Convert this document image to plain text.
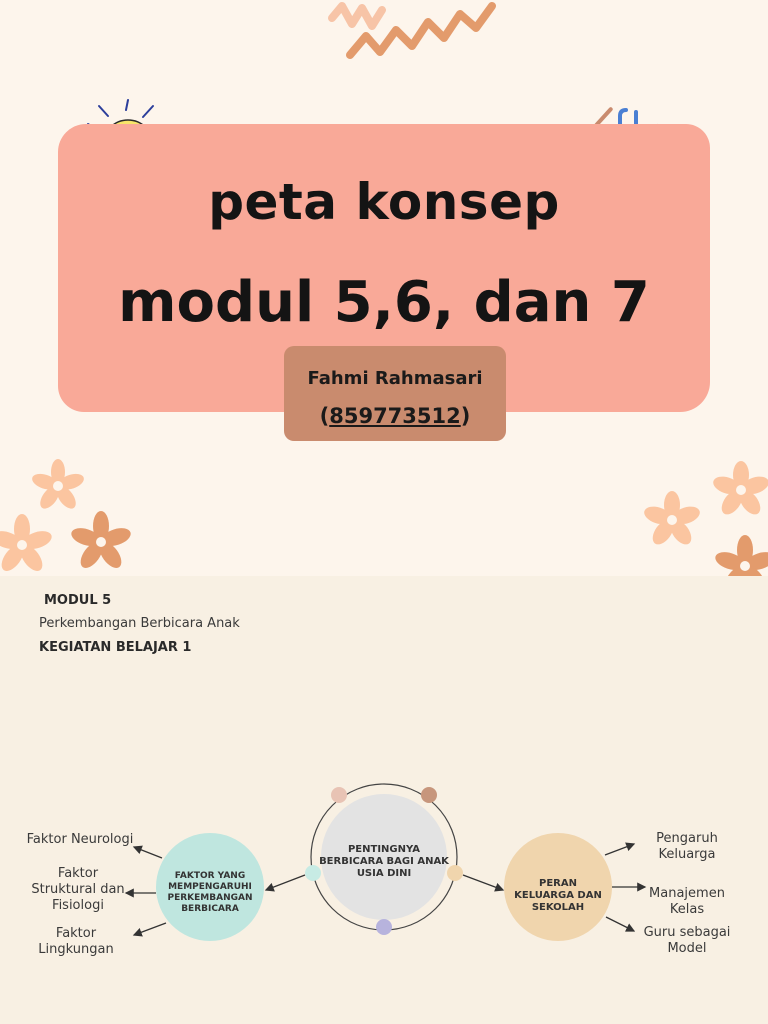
peta konsep
modul 5,6, dan 7
Fahmi Rahmasari
(859773512)
MODUL 5
Perkembangan Berbicara Anak
KEGIATAN BELAJAR 1
PENTINGNYA BERBICARA BAGI ANAK USIA DINI
FAKTOR YANG MEMPENGARUHI PERKEMBANGAN BERBICARA
PERAN KELUARGA DAN SEKOLAH
Faktor Neurologi
Faktor Struktural dan Fisiologi
Faktor Lingkungan
Pengaruh Keluarga
Manajemen Kelas
Guru sebagai Model
